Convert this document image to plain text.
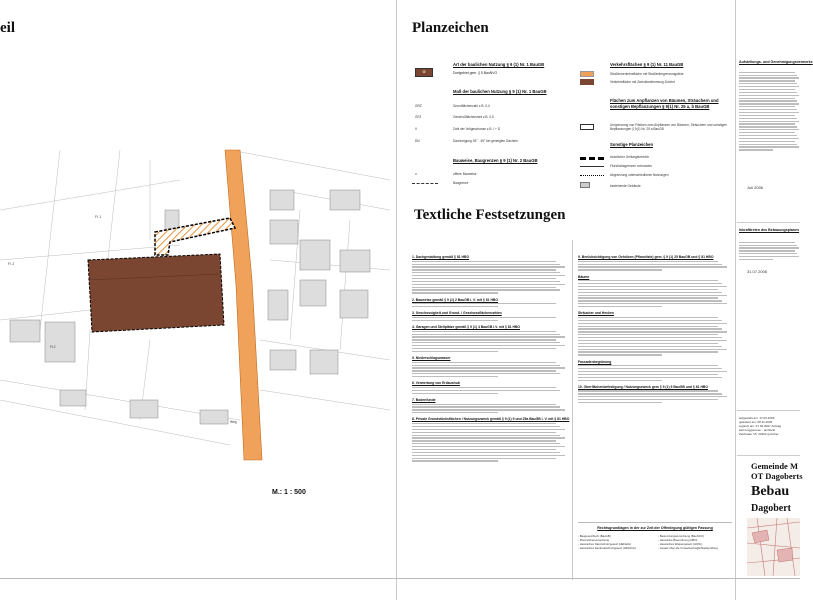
eil
Fl. 2
Fl. 1
FL2
Weg
M.: 1 : 500
Planzeichen
Art der baulichen Nutzung § 9 (1) Nr. 1 BauGB
⊛	Dorfgebiet gem. § 5 BauNVO
Maß der baulichen Nutzung § 9 (1) Nr. 1 BauGB
GRZ	Grundflächenzahl z.B. 0,4
GFZ	Geschoßflächenzahl z.B. 0,5
II	Zahl der Vollgeschosse z.B. I + D
DN	Dachneigung 35° - 45° bei geneigten Dächern
Bauweise, Baugrenzen § 9 (1) Nr. 2 BauGB
o	offene Bauweise
Baugrenze
Verkehrsflächen § 9 (1) Nr. 11 BauGB
Straßenverkehrsfläche mit Straßenbegrenzungslinie
Verkehrsfläche mit Zweckbestimmung Zufahrt
Flächen zum Anpflanzen von Bäumen, Sträuchern und sonstigen Bepflanzungen § 9(1) Nr. 25 a, b BauGB
Umgrenzung von Flächen zum Anpflanzen von Bäumen, Sträuchern und sonstigen Bepflanzungen § 9(1) Nr. 25 a BauGB
Sonstige Planzeichen
räumlicher Geltungsbereich
Flurstücksgrenzen vorhanden
Abgrenzung unterschiedlicher Nutzungen
bestehende Gebäude
Textliche Festsetzungen
1. Dachgestaltung gemäß § 81 HBO
2. Bauweise gemäß § 9 (1) 2 BauGB i. V. mit § 81 HBO
3. Geschossigkeit und Grund- / Geschossflächenzahlen
4. Garagen und Stellplätze gemäß § 9 (1) 4 BauGB i.V. mit § 81 HBO
5. Niederschlagswasser
6. Verwertung von Erdaushub
7. Bodenfunde
8. Private Grundstücksflächen / Nutzungszweck gemäß § 9 (1) 9 und 25a BauGB i. V. mit § 81 HBO
9. Berücksichtigung von Gehölzen (Pflanzliste) gem. § 9 (1) 25 BauGB und § 81 HBO
Bäume
Sträucher und Hecken
Fassadenbegrünung
10. Oberflächenbefestigung / Nutzungszweck gem § 9 (1) 9 BauGB und § 81 HBO
Rechtsgrundlagen in der zur Zeit der Offenlegung gültigen Fassung
- Baugesetzbuch (BauGB)	- Baunutzungsverordnung (BauNVO)
- Planzeichenverordnung	- Hessische Bauordnung (HBO)
- Hessisches Naturschutzgesetz (HENatG)	- Hessisches Wassergesetz (HWG)
- Hessisches Denkmalschutzgesetz (HDSchG)	- Gesetz über die Umweltverträglichkeitsprüfung
Aufstellungs- und Genehmigungsvermerke
Juli 2006
Inkrafttreten des Bebauungsplanes
31.07.2006
aufgestellt am: 17.03.2006
geändert am: 08.11.2006
ergänzt am: 27.02.2007 Auftrag
karl lenggemeen - architekt
Zeidmaier 15, 34302 gurmber
Gemeinde M
OT Dagoberts
Bebau
Dagobert
